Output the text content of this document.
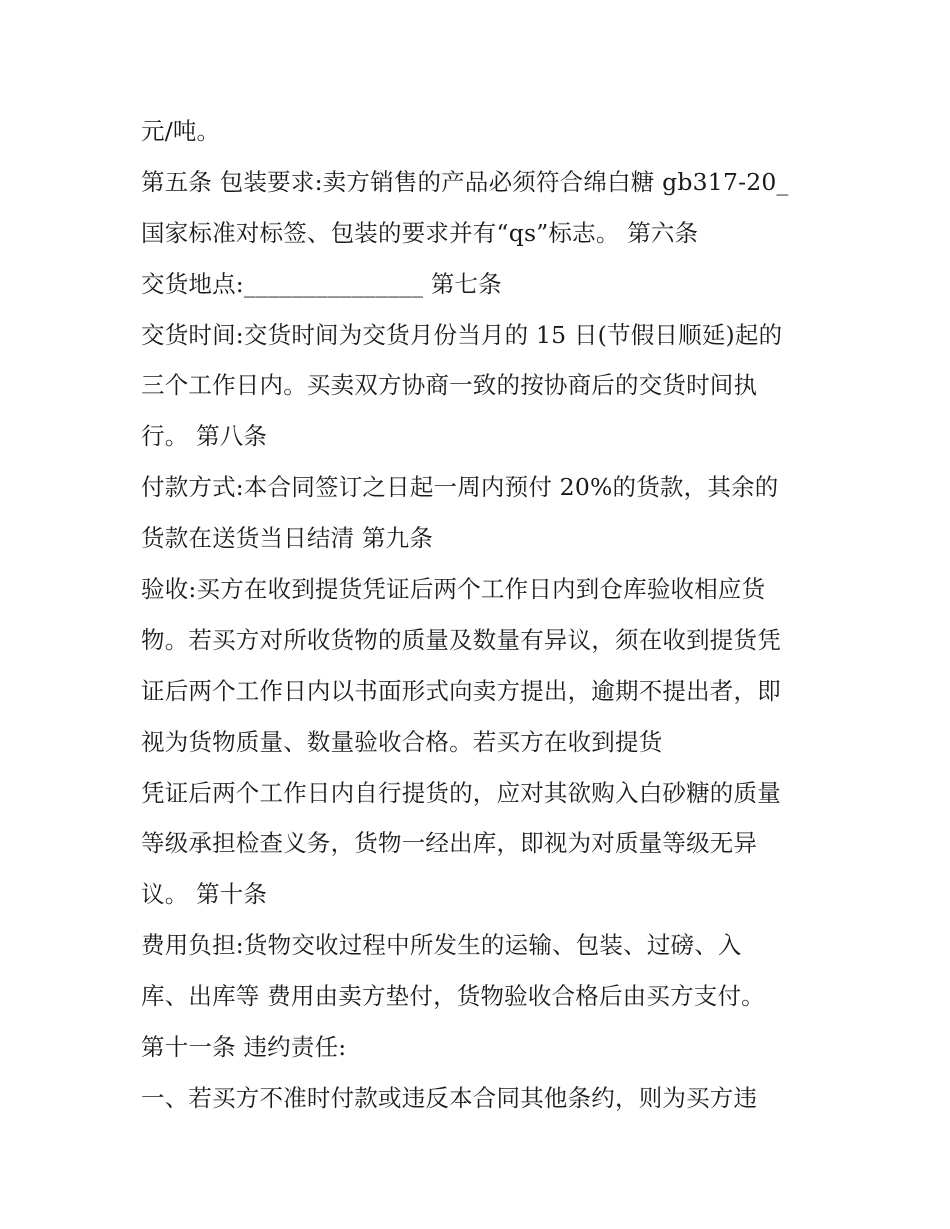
元/吨。
第五条 包装要求:卖方销售的产品必须符合绵白糖 gb317-20_
国家标准对标签、包装的要求并有“qs”标志。 第六条
交货地点:_______________ 第七条
交货时间:交货时间为交货月份当月的 15 日(节假日顺延)起的
三个工作日内。买卖双方协商一致的按协商后的交货时间执
行。 第八条
付款方式:本合同签订之日起一周内预付 20%的货款，其余的
货款在送货当日结清 第九条
验收:买方在收到提货凭证后两个工作日内到仓库验收相应货
物。若买方对所收货物的质量及数量有异议，须在收到提货凭
证后两个工作日内以书面形式向卖方提出，逾期不提出者，即
视为货物质量、数量验收合格。若买方在收到提货
凭证后两个工作日内自行提货的，应对其欲购入白砂糖的质量
等级承担检查义务，货物一经出库，即视为对质量等级无异
议。 第十条
费用负担:货物交收过程中所发生的运输、包装、过磅、入
库、出库等 费用由卖方垫付，货物验收合格后由买方支付。
第十一条 违约责任:
一、若买方不准时付款或违反本合同其他条约，则为买方违
